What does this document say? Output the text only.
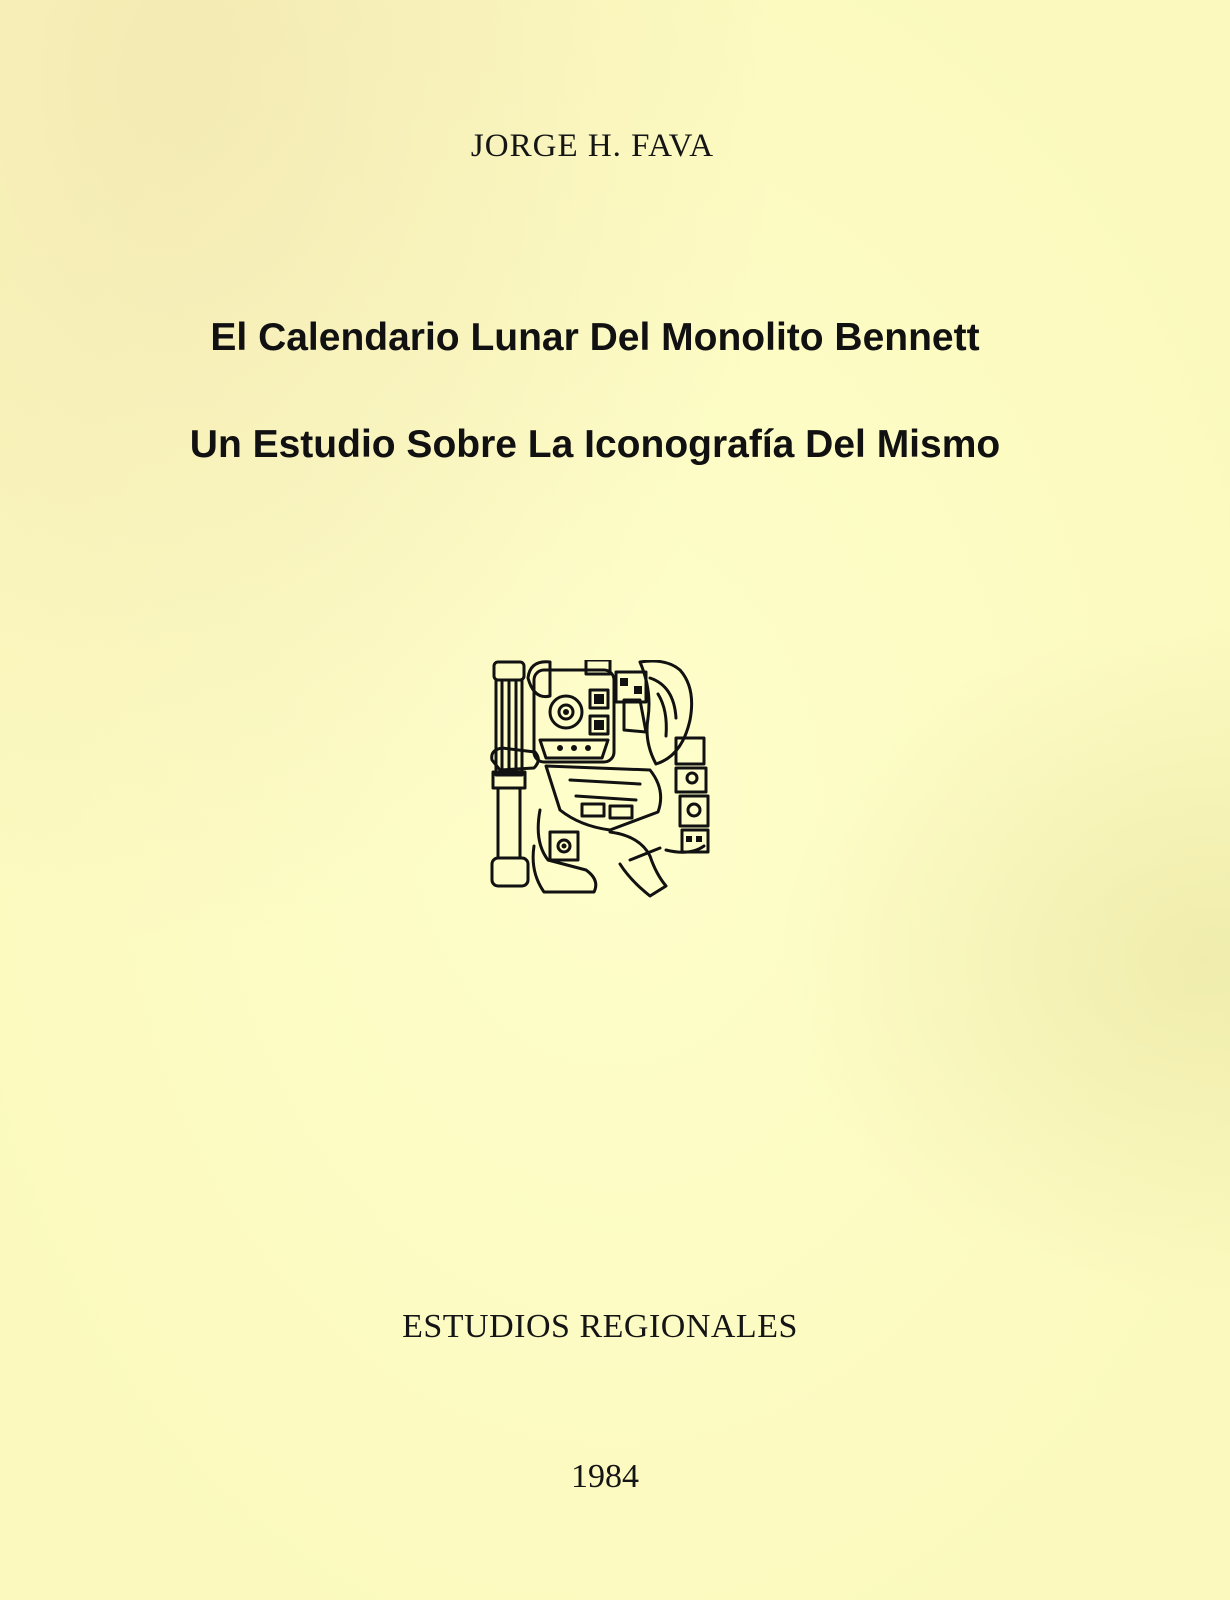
JORGE H. FAVA
El Calendario Lunar Del Monolito Bennett
Un Estudio Sobre La Iconografía Del Mismo
ESTUDIOS REGIONALES
1984
